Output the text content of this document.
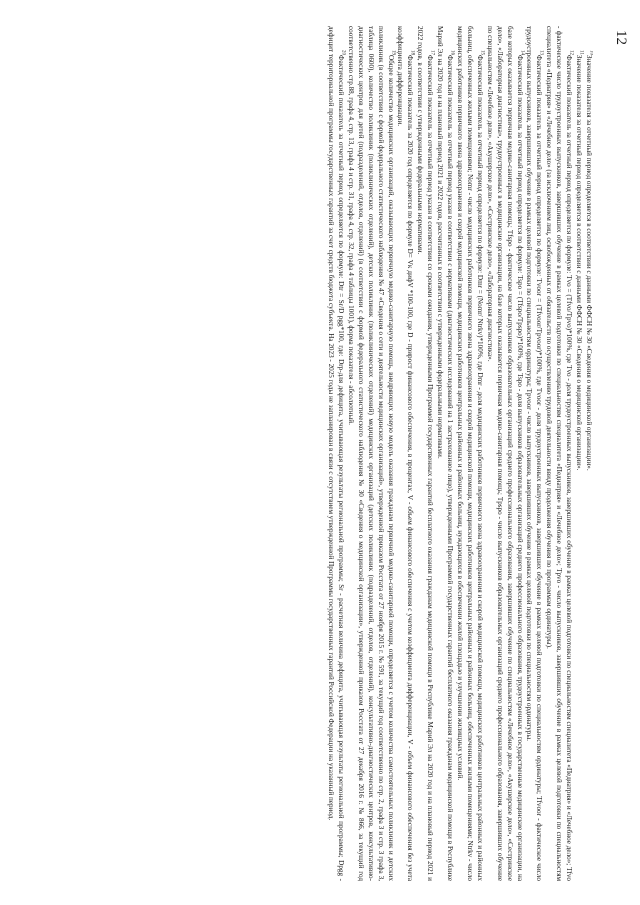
12

$^{10}$Значение показателя за отчетный период определяется в соответствии с данными ФФСН № 30 «Сведения о медицинской организации».

$^{11}$Значение показателя за отчетный период определяется в соответствии с данными ФФСН № 30 «Сведения о медицинской организации».

$^{12}$Фактический показатель за отчетный период определяется по формуле: Tvo = (Tfvo/Tpvo)*100%, где Tvo - доля трудоустроенных выпускников, завершивших обучение в рамках целевой подготовки по специальностям специалитета «Педиатрия» и «Лечебное дело»; Tfvo - фактическое число трудоустроенных выпускников, завершивших обучение в рамках целевой подготовки по специальностям специалитета «Педиатрия» и «Лечебное дело»; Tpvo - число выпускников, завершивших обучение в рамках целевой подготовки по специальностям специалитета «Педиатрия» и «Лечебное дело» (за исключением лиц, освобожденных от обязательств по осуществлению трудовой деятельности ввиду продолжения обучения по программам ординатуры).

$^{13}$Фактический показатель за отчетный период определяется по формуле: Tvoor = (Tfvoor/Tpvoor)*100%, где Tvoor - доля трудоустроенных выпускников, завершивших обучение в рамках целевой подготовки по специальностям ординатуры; Tfvoor - фактическое число трудоустроенных выпускников, завершивших обучение в рамках целевой подготовки по специальностям ординатуры; Tpvoor - число выпускников, завершивших обучение в рамках целевой подготовки по специальностям ординатуры.

$^{14}$Фактический показатель за отчетный период определяется по формуле: Tspo = (Tfspo/Tpspo)*100%, где Tspo - доля выпускников образовательных организаций среднего профессионального образования, трудоустроенных в государственные медицинские организации, на базе которых оказывается первичная медико-санитарная помощь; Tfspo - фактическое число выпускников образовательных организаций среднего профессионального образования, завершивших обучение по специальностям «Лечебное дело», «Акушерское дело», «Сестринское дело», «Лабораторная диагностика», трудоустроенных в медицинские организации, на базе которых оказывается первичная медико-санитарная помощь; Tpspo - число выпускников образовательных организаций среднего профессионального образования, завершивших обучение по специальностям «Лечебное дело», «Акушерское дело», «Сестринское дело», «Лабораторная диагностика».

$^{15}$Фактический показатель за отчетный период определяется по формуле: Dmr = (Nomr/ Ntrkv)*100%, где Dmr - доля медицинских работников первичного звена здравоохранения и скорой медицинской помощи, медицинских работников центральных районных и районных больниц, обеспеченных жилыми помещениями; Nomr - число медицинских работников первичного звена здравоохранения и скорой медицинской помощи, медицинских работников центральных районных и районных больниц, обеспеченных жилыми помещениями; Ntrkv - число медицинских работников первичного звена здравоохранения и скорой медицинской помощи, медицинских работников центральных районных и районных больниц, нуждающихся в обеспечении жилой площадью и улучшении жилищных условий.

$^{16}$Фактический показатель за отчетный период указан в соответствии с нормативами (диагностических исследований на 1 застрахованное лицо), утвержденными Программой государственных гарантий бесплатного оказания гражданам медицинской помощи в Республике Марий Эл на 2020 год и на плановый период 2021 и 2022 годов, рассчитанных в соответствии с утвержденными федеральными нормативами.

$^{17}$Фактический показатель за отчетный период указан в соответствии со сроками ожидания, утвержденными Программой государственных гарантий бесплатного оказания гражданам медицинской помощи в Республике Марий Эл на 2020 год и на плановый период 2021 и 2022 годов, в соответствии с утвержденными федеральными нормативами.

$^{18}$Фактический показатель за 2020 год определяется по формуле D= Vк дифV *100-100, где D - прирост финансового обеспечения, в процентах, V - объем финансового обеспечения с учетом коэффициента дифференциации, V - объем финансового обеспечения без учета коэффициента дифференциации.

$^{19}$Общее количество медицинских организаций, оказывающих первичную медико-санитарную помощь, внедряющих новую модель оказания гражданам первичной медико-санитарной помощи, определяется с учетом количества самостоятельных поликлиник и детских поликлиник (в соответствии с формой федерального статистического наблюдения № 47 «Сведения о сети и деятельности медицинских организаций», утвержденной приказом Росстата от 27 ноября 2015 г. № 591, за текущий год соответственно по стр. 2, графа 3 и стр. 3 графа 3, таблица 0600), количество поликлиник (поликлинических отделений), детских поликлиник (поликлинических отделений) медицинских организаций (детских поликлиник (подразделений, отделов, отделений), консультативно-диагностических центров, консультативно-диагностических центров для детей (подразделений, отделов, отделений) (в соответствии с формой федерального статистического наблюдения № 30 «Сведения о медицинской организации», утвержденной приказом Росстата от 27 декабря 2016 г. № 866, за текущий год соответственно стр.88, графа 4, стр. 13, графа 4 и стр. 31, графа 4, стр. 32, графа 4 таблицы 1001), форма показателя - абсолютный.

$^{20}$Фактический показатель за отчетный период определяется по формуле: Dtr = Sr/D pgg*100, где: Drp-для дефицита, учитывающая результаты региональной программы; Sr - расчетная величина дефицита, учитывающая результаты региональной программы; Dpgg - дефицит территориальной программы государственных гарантий за счет средств бюджета субъекта. На 2023 - 2025 годы не запланирован в связи с отсутствием утвержденной Программы государственных гарантий Российской Федерации на указанный период.
